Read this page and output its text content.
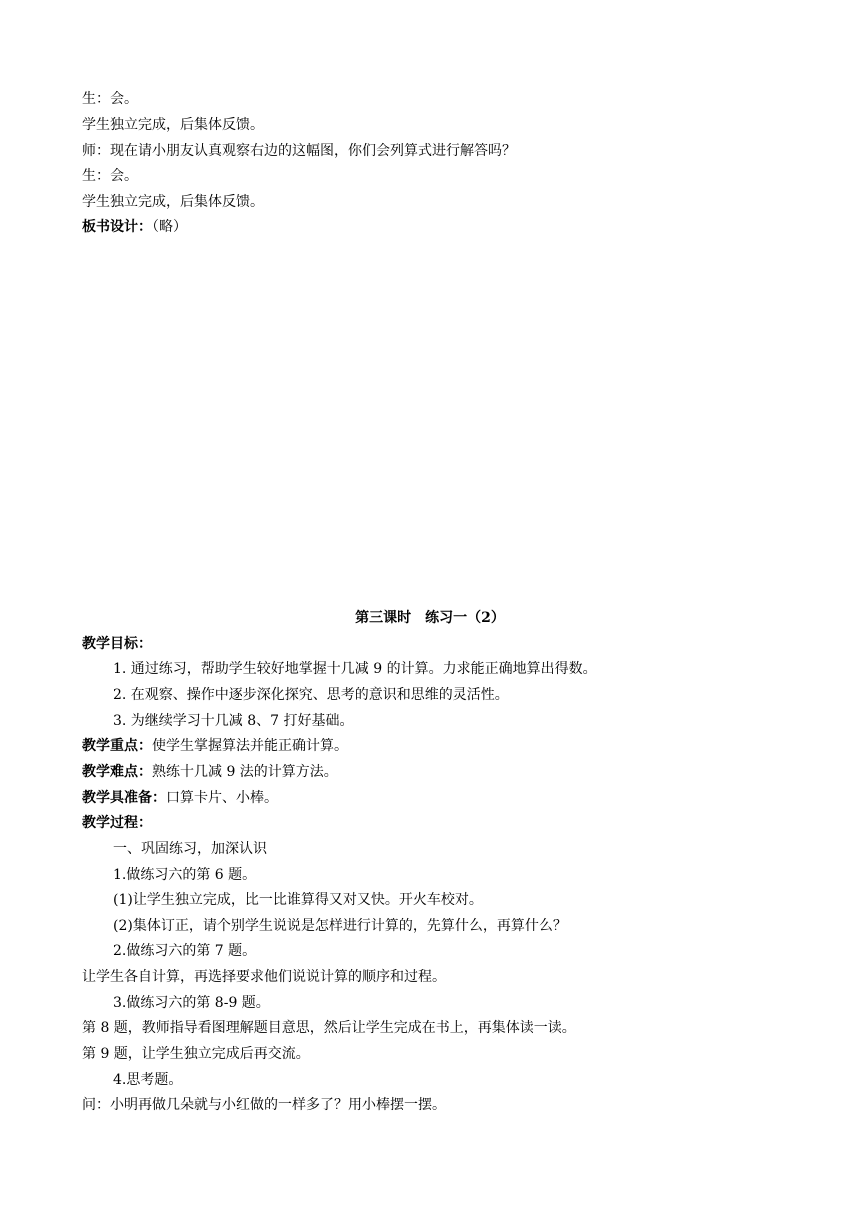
生：会。
学生独立完成，后集体反馈。
师：现在请小朋友认真观察右边的这幅图，你们会列算式进行解答吗？
生：会。
学生独立完成，后集体反馈。
板书设计：（略）
第三课时　练习一（2）
教学目标：
1. 通过练习，帮助学生较好地掌握十几减 9 的计算。力求能正确地算出得数。
2. 在观察、操作中逐步深化探究、思考的意识和思维的灵活性。
3. 为继续学习十几减 8、7 打好基础。
教学重点：使学生掌握算法并能正确计算。
教学难点：熟练十几减 9 法的计算方法。
教学具准备：口算卡片、小棒。
教学过程：
一、巩固练习，加深认识
1.做练习六的第 6 题。
(1)让学生独立完成，比一比谁算得又对又快。开火车校对。
(2)集体订正，请个别学生说说是怎样进行计算的，先算什么，再算什么？
2.做练习六的第 7 题。
让学生各自计算，再选择要求他们说说计算的顺序和过程。
3.做练习六的第 8-9 题。
第 8 题，教师指导看图理解题目意思，然后让学生完成在书上，再集体读一读。
第 9 题，让学生独立完成后再交流。
4.思考题。
问：小明再做几朵就与小红做的一样多了？用小棒摆一摆。
